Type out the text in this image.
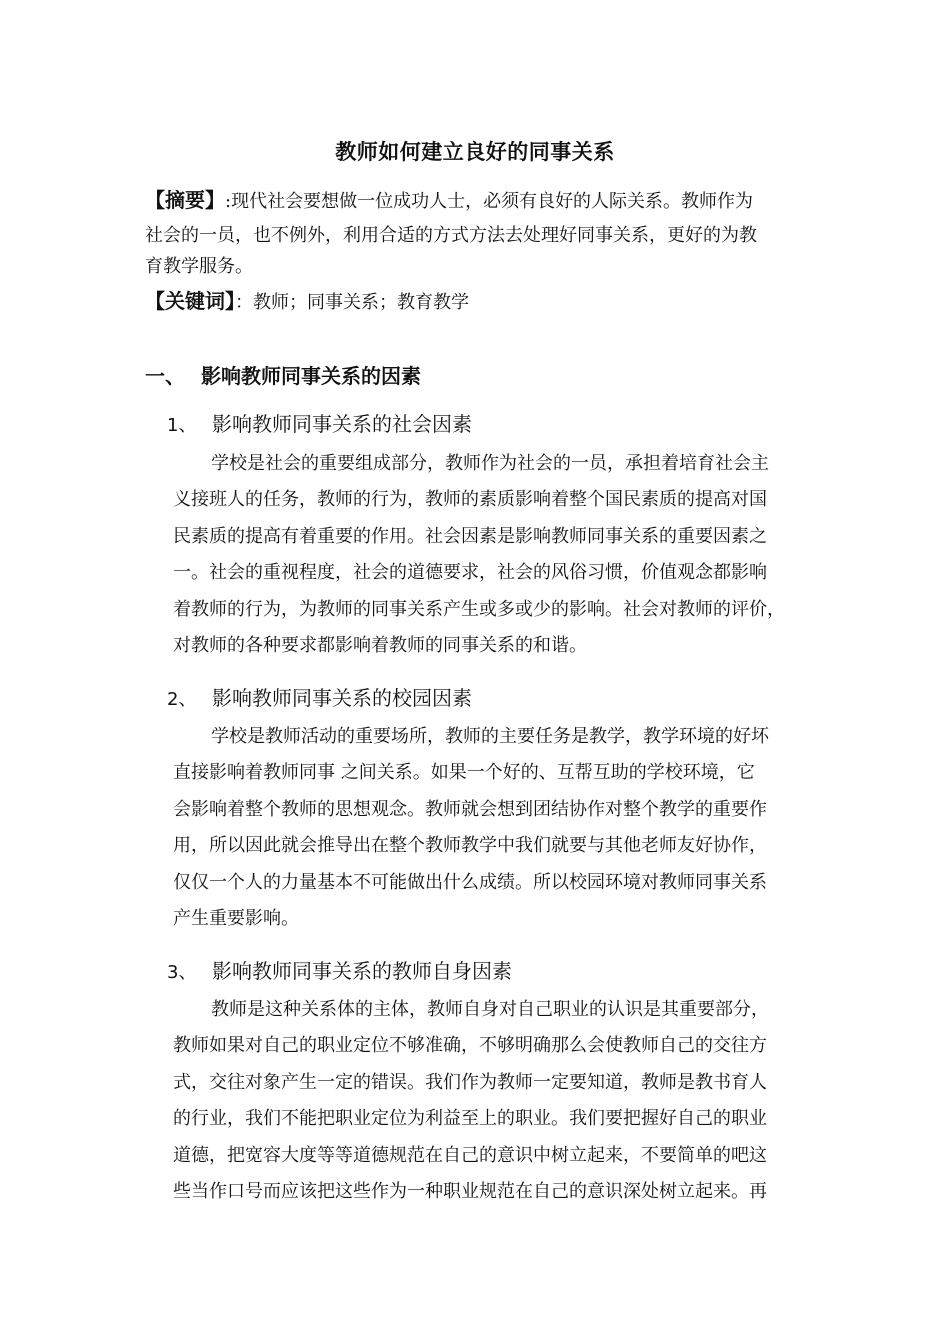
教师如何建立良好的同事关系

【摘要】:现代社会要想做一位成功人士，必须有良好的人际关系。教师作为

社会的一员，也不例外，利用合适的方式方法去处理好同事关系，更好的为教

育教学服务。

【关键词】：教师；同事关系；教育教学
一、 影响教师同事关系的因素
1、 影响教师同事关系的社会因素

学校是社会的重要组成部分，教师作为社会的一员，承担着培育社会主

义接班人的任务，教师的行为，教师的素质影响着整个国民素质的提高对国

民素质的提高有着重要的作用。社会因素是影响教师同事关系的重要因素之

一。社会的重视程度，社会的道德要求，社会的风俗习惯，价值观念都影响

着教师的行为，为教师的同事关系产生或多或少的影响。社会对教师的评价，

对教师的各种要求都影响着教师的同事关系的和谐。

2、 影响教师同事关系的校园因素

学校是教师活动的重要场所，教师的主要任务是教学，教学环境的好坏

直接影响着教师同事 之间关系。如果一个好的、互帮互助的学校环境，它

会影响着整个教师的思想观念。教师就会想到团结协作对整个教学的重要作

用，所以因此就会推导出在整个教师教学中我们就要与其他老师友好协作，

仅仅一个人的力量基本不可能做出什么成绩。所以校园环境对教师同事关系

产生重要影响。

3、 影响教师同事关系的教师自身因素

教师是这种关系体的主体，教师自身对自己职业的认识是其重要部分，

教师如果对自己的职业定位不够准确，不够明确那么会使教师自己的交往方

式，交往对象产生一定的错误。我们作为教师一定要知道，教师是教书育人

的行业，我们不能把职业定位为利益至上的职业。我们要把握好自己的职业

道德，把宽容大度等等道德规范在自己的意识中树立起来，不要简单的吧这

些当作口号而应该把这些作为一种职业规范在自己的意识深处树立起来。再
